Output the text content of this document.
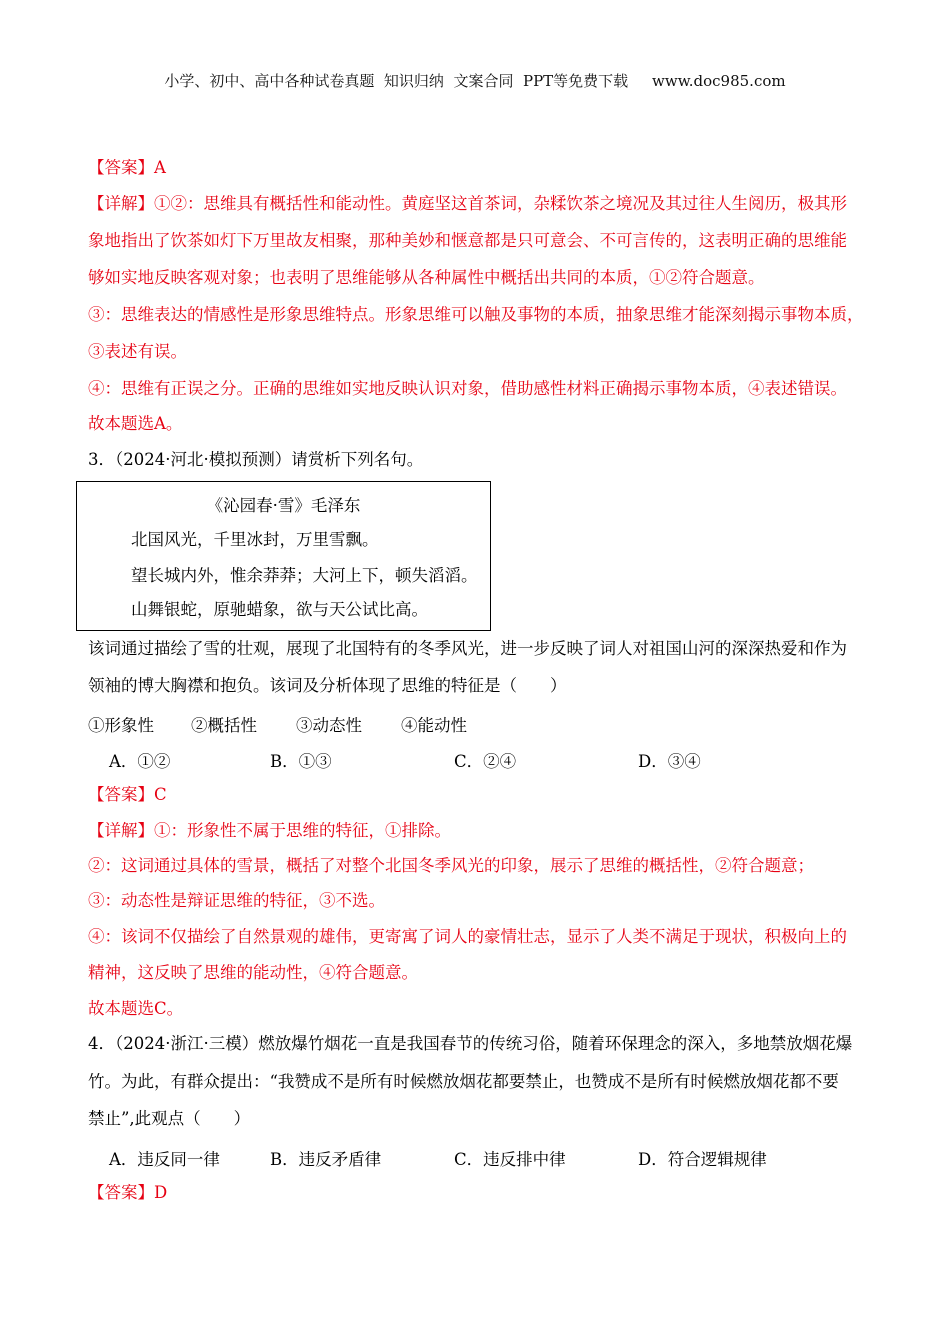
小学、初中、高中各种试卷真题  知识归纳  文案合同  PPT等免费下载     www.doc985.com
【答案】A
【详解】①②：思维具有概括性和能动性。黄庭坚这首茶词，杂糅饮茶之境况及其过往人生阅历，极其形
象地指出了饮茶如灯下万里故友相聚，那种美妙和惬意都是只可意会、不可言传的，这表明正确的思维能
够如实地反映客观对象；也表明了思维能够从各种属性中概括出共同的本质，①②符合题意。
③：思维表达的情感性是形象思维特点。形象思维可以触及事物的本质，抽象思维才能深刻揭示事物本质，
③表述有误。
④：思维有正误之分。正确的思维如实地反映认识对象，借助感性材料正确揭示事物本质，④表述错误。
故本题选A。
3．（2024·河北·模拟预测）请赏析下列名句。
《沁园春·雪》毛泽东
北国风光，千里冰封，万里雪飘。
望长城内外，惟余莽莽；大河上下，顿失滔滔。
山舞银蛇，原驰蜡象，欲与天公试比高。
该词通过描绘了雪的壮观，展现了北国特有的冬季风光，进一步反映了词人对祖国山河的深深热爱和作为
领袖的博大胸襟和抱负。该词及分析体现了思维的特征是（　　）
①形象性 ②概括性 ③动态性 ④能动性
A．①②	B．①③	C．②④	D．③④
【答案】C
【详解】①：形象性不属于思维的特征，①排除。
②：这词通过具体的雪景，概括了对整个北国冬季风光的印象，展示了思维的概括性，②符合题意；
③：动态性是辩证思维的特征，③不选。
④：该词不仅描绘了自然景观的雄伟，更寄寓了词人的豪情壮志，显示了人类不满足于现状，积极向上的
精神，这反映了思维的能动性，④符合题意。
故本题选C。
4．（2024·浙江·三模）燃放爆竹烟花一直是我国春节的传统习俗，随着环保理念的深入，多地禁放烟花爆
竹。为此，有群众提出：“我赞成不是所有时候燃放烟花都要禁止，也赞成不是所有时候燃放烟花都不要
禁止”,此观点（　　）
A．违反同一律	B．违反矛盾律	C．违反排中律	D．符合逻辑规律
【答案】D
